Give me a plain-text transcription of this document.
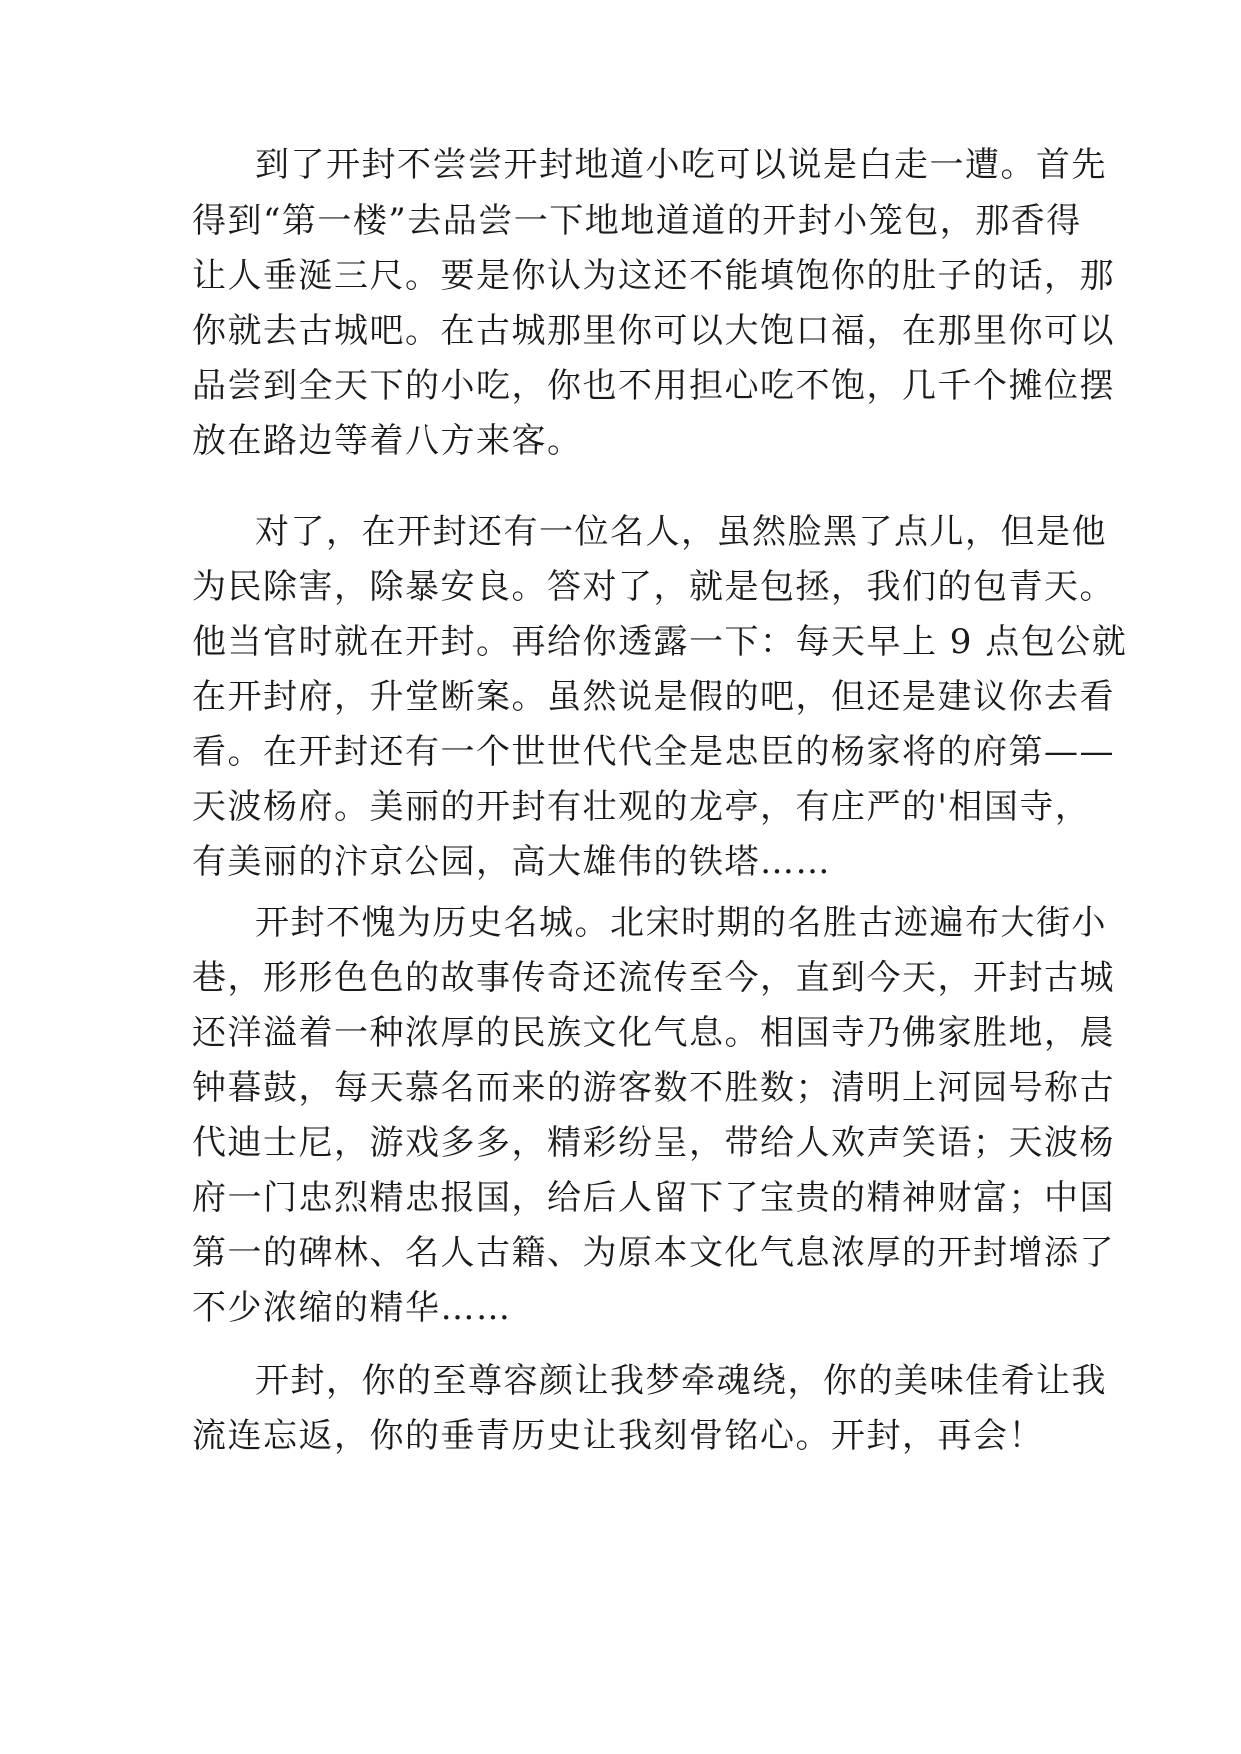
到了开封不尝尝开封地道小吃可以说是白走一遭。首先
得到“第一楼”去品尝一下地地道道的开封小笼包，那香得
让人垂涎三尺。要是你认为这还不能填饱你的肚子的话，那
你就去古城吧。在古城那里你可以大饱口福，在那里你可以
品尝到全天下的小吃，你也不用担心吃不饱，几千个摊位摆
放在路边等着八方来客。
对了，在开封还有一位名人，虽然脸黑了点儿，但是他
为民除害，除暴安良。答对了，就是包拯，我们的包青天。
他当官时就在开封。再给你透露一下：每天早上 9 点包公就
在开封府，升堂断案。虽然说是假的吧，但还是建议你去看
看。在开封还有一个世世代代全是忠臣的杨家将的府第——
天波杨府。美丽的开封有壮观的龙亭，有庄严的'相国寺，
有美丽的汴京公园，高大雄伟的铁塔……
开封不愧为历史名城。北宋时期的名胜古迹遍布大街小
巷，形形色色的故事传奇还流传至今，直到今天，开封古城
还洋溢着一种浓厚的民族文化气息。相国寺乃佛家胜地，晨
钟暮鼓，每天慕名而来的游客数不胜数；清明上河园号称古
代迪士尼，游戏多多，精彩纷呈，带给人欢声笑语；天波杨
府一门忠烈精忠报国，给后人留下了宝贵的精神财富；中国
第一的碑林、名人古籍、为原本文化气息浓厚的开封增添了
不少浓缩的精华……
开封，你的至尊容颜让我梦牵魂绕，你的美味佳肴让我
流连忘返，你的垂青历史让我刻骨铭心。开封，再会！
